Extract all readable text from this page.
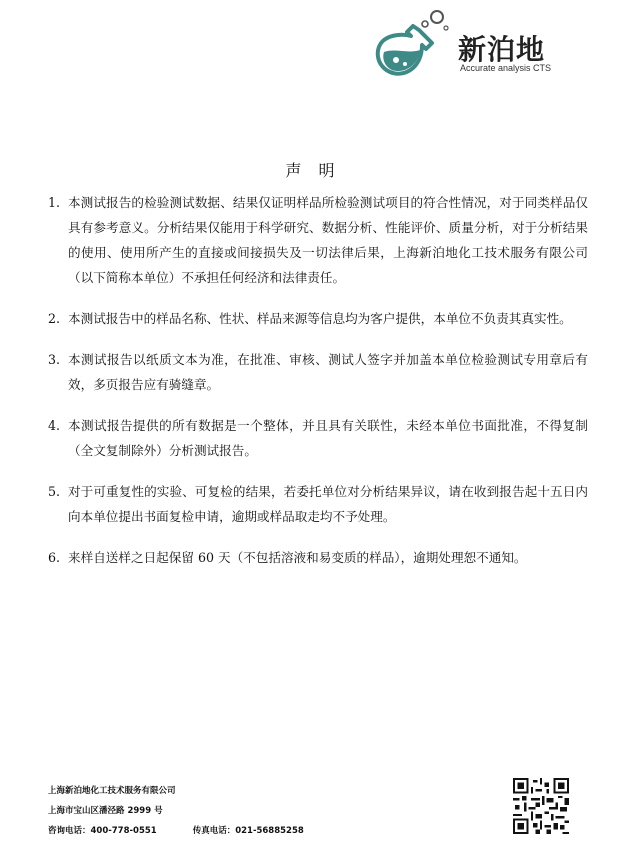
新泊地
Accurate analysis CTS
声 明
1. 本测试报告的检验测试数据、结果仅证明样品所检验测试项目的符合性情况，对于同类样品仅具有参考意义。分析结果仅能用于科学研究、数据分析、性能评价、质量分析，对于分析结果的使用、使用所产生的直接或间接损失及一切法律后果，上海新泊地化工技术服务有限公司（以下简称本单位）不承担任何经济和法律责任。
2. 本测试报告中的样品名称、性状、样品来源等信息均为客户提供，本单位不负责其真实性。
3. 本测试报告以纸质文本为准，在批准、审核、测试人签字并加盖本单位检验测试专用章后有效，多页报告应有骑缝章。
4. 本测试报告提供的所有数据是一个整体，并且具有关联性，未经本单位书面批准，不得复制（全文复制除外）分析测试报告。
5. 对于可重复性的实验、可复检的结果，若委托单位对分析结果异议，请在收到报告起十五日内向本单位提出书面复检申请，逾期或样品取走均不予处理。
6. 来样自送样之日起保留 60 天（不包括溶液和易变质的样品），逾期处理恕不通知。
上海新泊地化工技术服务有限公司
上海市宝山区潘泾路 2999 号
咨询电话：400-778-0551	传真电话：021-56885258
